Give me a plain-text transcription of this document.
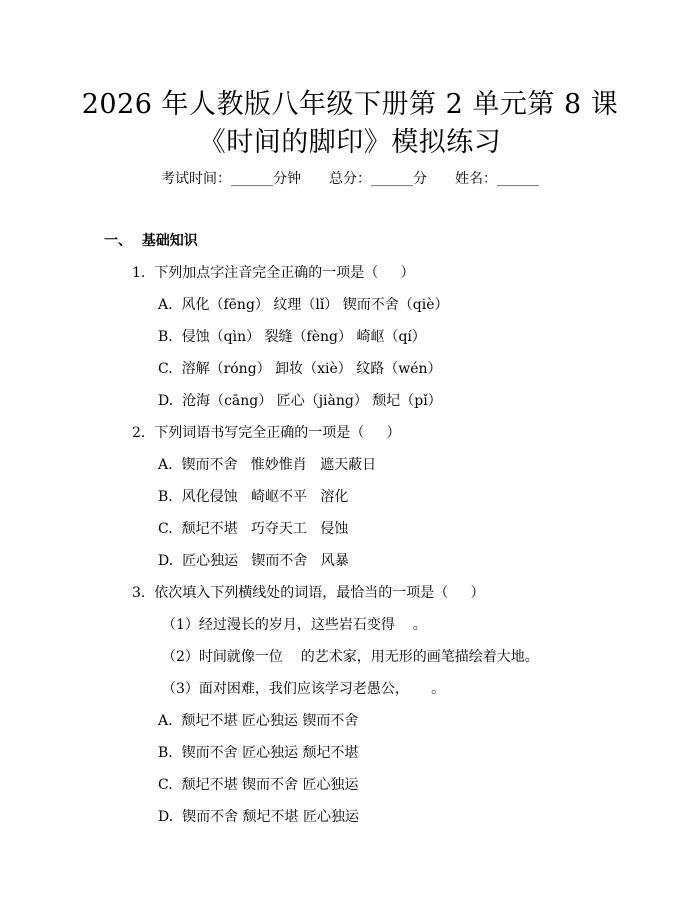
2026 年人教版八年级下册第 2 单元第 8 课
《时间的脚印》模拟练习
考试时间：______分钟 总分：______分 姓名：______
一、  基础知识
1.  下列加点字注音完全正确的一项是（     ）
A.  风化（fēng） 纹理（lǐ） 锲而不舍（qiè）
B.  侵蚀（qìn） 裂缝（fèng） 崎岖（qí）
C.  溶解（róng） 卸妆（xiè） 纹路（wén）
D.  沧海（cāng） 匠心（jiàng） 颓圮（pǐ）
2.  下列词语书写完全正确的一项是（     ）
A.  锲而不舍   惟妙惟肖   遮天蔽日
B.  风化侵蚀   崎岖不平   溶化
C.  颓圮不堪   巧夺天工   侵蚀
D.  匠心独运   锲而不舍   风暴
3.  依次填入下列横线处的词语，最恰当的一项是（     ）
（1）经过漫长的岁月，这些岩石变得    。
（2）时间就像一位    的艺术家，用无形的画笔描绘着大地。
（3）面对困难，我们应该学习老愚公，     。
A.  颓圮不堪 匠心独运 锲而不舍
B.  锲而不舍 匠心独运 颓圮不堪
C.  颓圮不堪 锲而不舍 匠心独运
D.  锲而不舍 颓圮不堪 匠心独运
